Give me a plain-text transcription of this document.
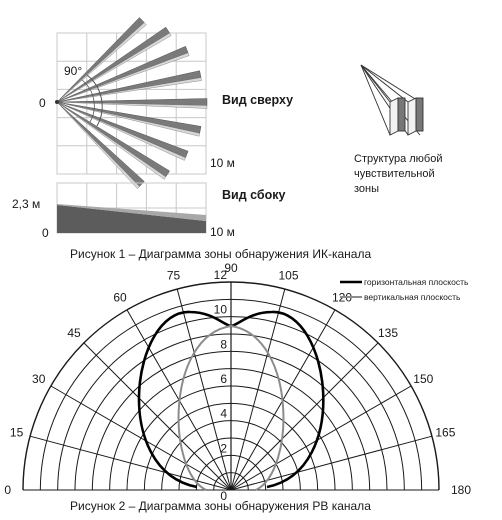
0
90°
10 м
Вид сверху
2,3 м
0	10 м
Вид сбоку
Структура любой
чувствительной
зоны
Рисунок 1 – Диаграмма зоны обнаружения ИК-канала
0
15
30
45
60
75
90
105
120
135
150
165
180
0
2
4
6
8
10
12	горизонтальная плоскость
вертикальная плоскость
Рисунок 2 – Диаграмма зоны обнаружения РВ канала
